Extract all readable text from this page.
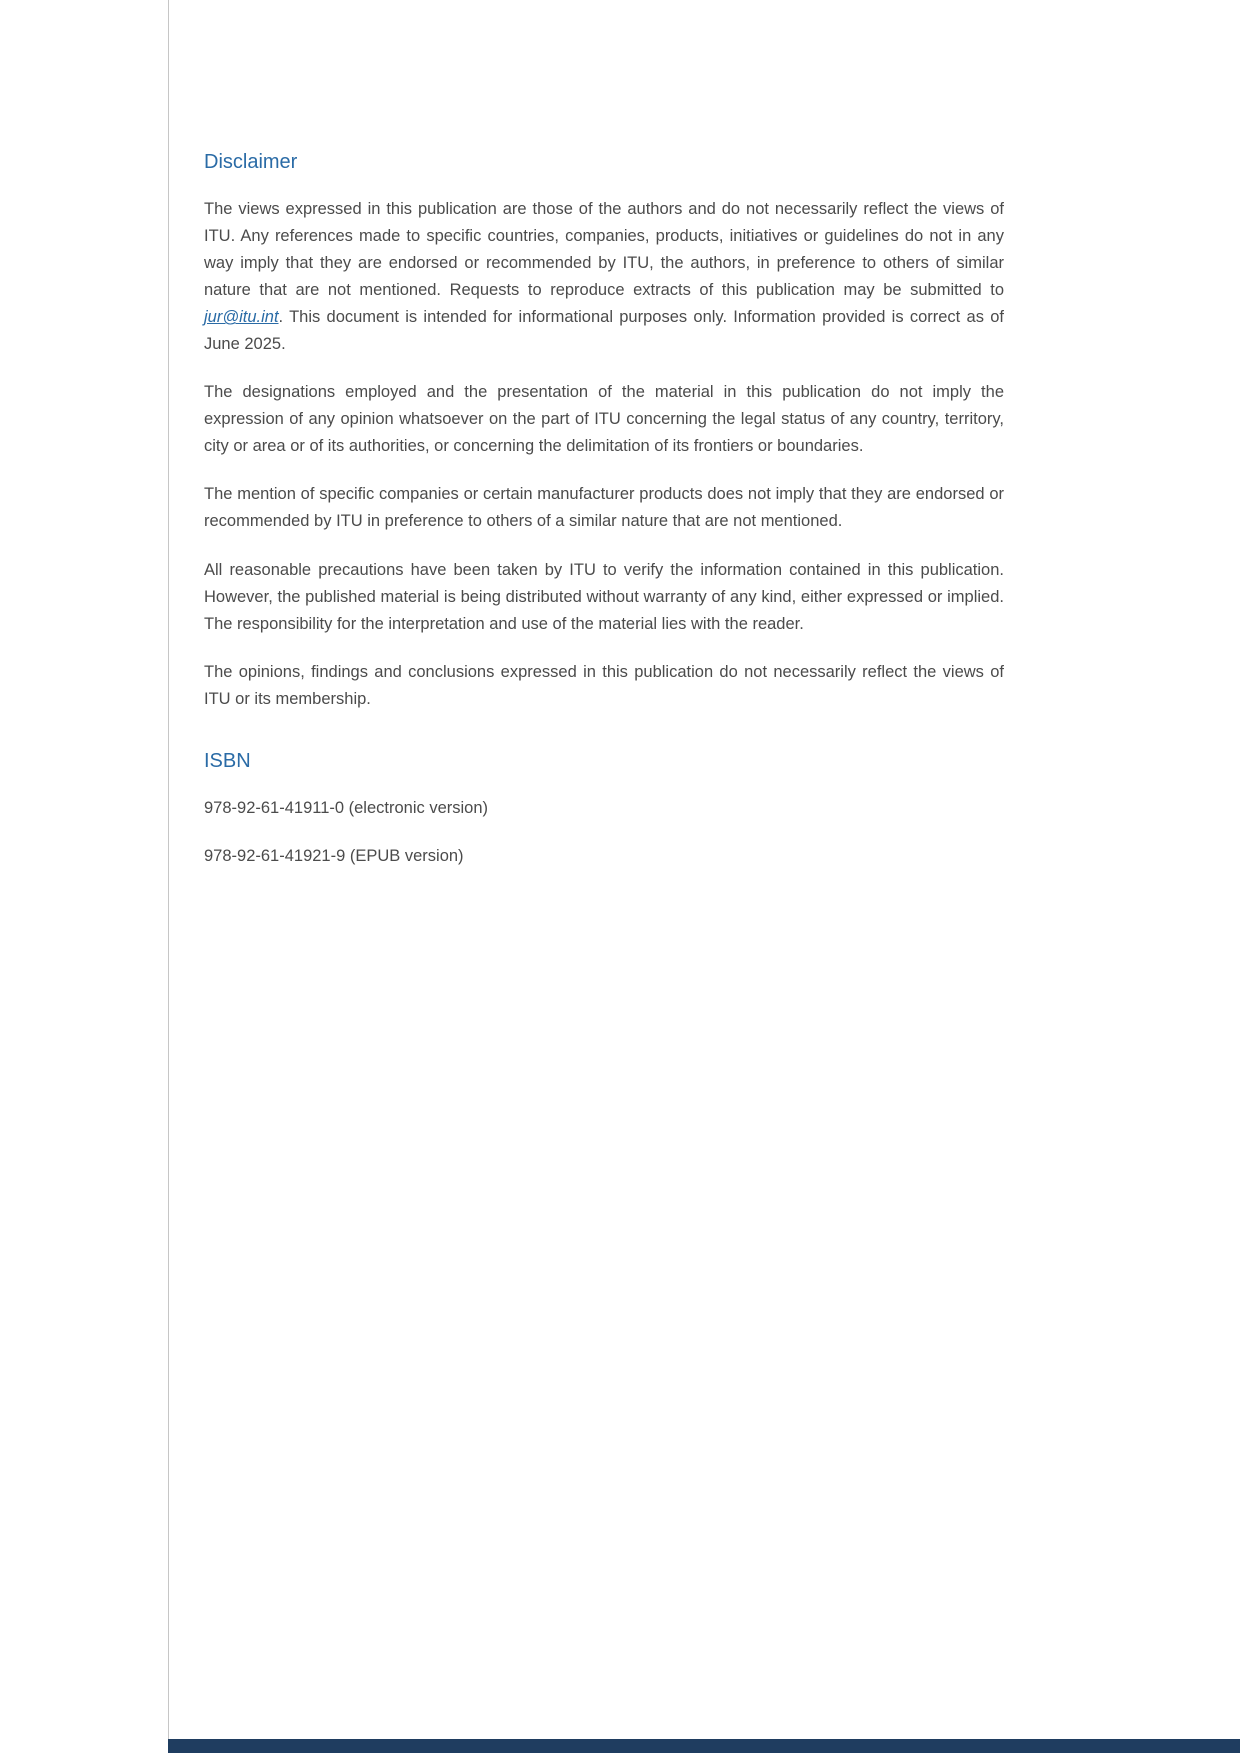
Disclaimer

The views expressed in this publication are those of the authors and do not necessarily reflect the views of ITU. Any references made to specific countries, companies, products, initiatives or guidelines do not in any way imply that they are endorsed or recommended by ITU, the authors, in preference to others of similar nature that are not mentioned. Requests to reproduce extracts of this publication may be submitted to jur@itu.int. This document is intended for informational purposes only. Information provided is correct as of June 2025.

The designations employed and the presentation of the material in this publication do not imply the expression of any opinion whatsoever on the part of ITU concerning the legal status of any country, territory, city or area or of its authorities, or concerning the delimitation of its frontiers or boundaries.

The mention of specific companies or certain manufacturer products does not imply that they are endorsed or recommended by ITU in preference to others of a similar nature that are not mentioned.

All reasonable precautions have been taken by ITU to verify the information contained in this publication. However, the published material is being distributed without warranty of any kind, either expressed or implied. The responsibility for the interpretation and use of the material lies with the reader.

The opinions, findings and conclusions expressed in this publication do not necessarily reflect the views of ITU or its membership.

ISBN

978-92-61-41911-0 (electronic version)

978-92-61-41921-9 (EPUB version)
